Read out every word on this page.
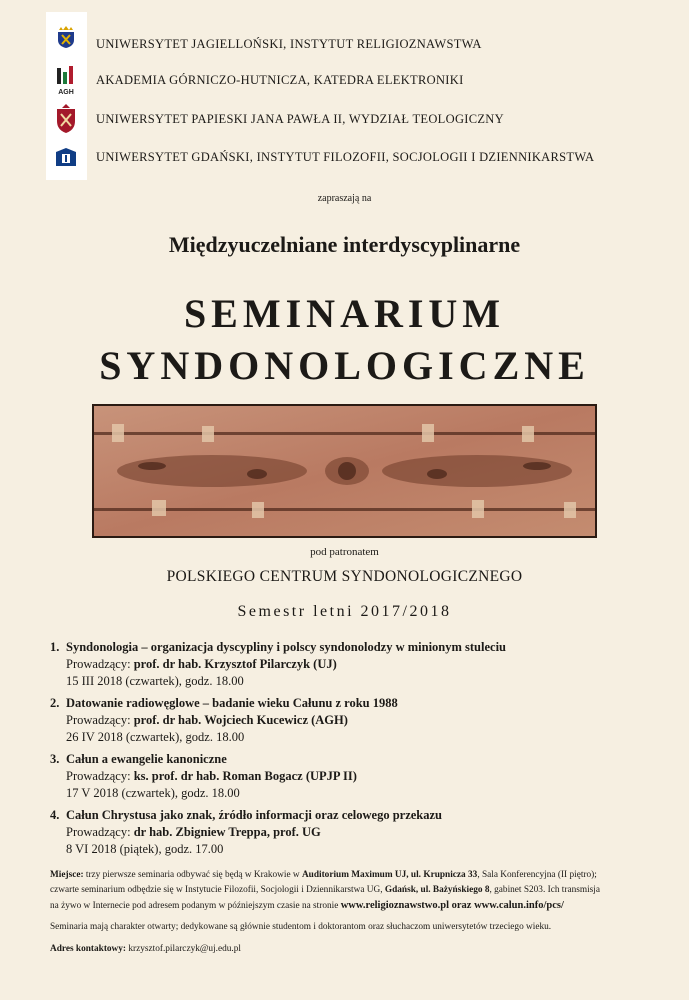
AGH
UNIWERSYTET JAGIELLOŃSKI, INSTYTUT RELIGIOZNAWSTWA
AKADEMIA GÓRNICZO-HUTNICZA, KATEDRA ELEKTRONIKI
UNIWERSYTET PAPIESKI JANA PAWŁA II, WYDZIAŁ TEOLOGICZNY
UNIWERSYTET GDAŃSKI, INSTYTUT FILOZOFII, SOCJOLOGII I DZIENNIKARSTWA
zapraszają na
Międzyuczelniane interdyscyplinarne
SEMINARIUM
SYNDONOLOGICZNE
pod patronatem
POLSKIEGO CENTRUM SYNDONOLOGICZNEGO
Semestr letni 2017/2018
1. Syndonologia – organizacja dyscypliny i polscy syndonolodzy w minionym stuleciu
Prowadzący: prof. dr hab. Krzysztof Pilarczyk (UJ)
15 III 2018 (czwartek), godz. 18.00
2. Datowanie radiowęglowe – badanie wieku Całunu z roku 1988
Prowadzący: prof. dr hab. Wojciech Kucewicz (AGH)
26 IV 2018 (czwartek), godz. 18.00
3. Całun a ewangelie kanoniczne
Prowadzący: ks. prof. dr hab. Roman Bogacz (UPJP II)
17 V 2018 (czwartek), godz. 18.00
4. Całun Chrystusa jako znak, źródło informacji oraz celowego przekazu
Prowadzący: dr hab. Zbigniew Treppa, prof. UG
8 VI 2018 (piątek), godz. 17.00
Miejsce: trzy pierwsze seminaria odbywać się będą w Krakowie w Auditorium Maximum UJ, ul. Krupnicza 33, Sala Konferencyjna (II piętro);
czwarte seminarium odbędzie się w Instytucie Filozofii, Socjologii i Dziennikarstwa UG, Gdańsk, ul. Bażyńskiego 8, gabinet S203. Ich transmisja
na żywo w Internecie pod adresem podanym w późniejszym czasie na stronie www.religioznawstwo.pl oraz www.calun.info/pcs/
Seminaria mają charakter otwarty; dedykowane są głównie studentom i doktorantom oraz słuchaczom uniwersytetów trzeciego wieku.
Adres kontaktowy: krzysztof.pilarczyk@uj.edu.pl
